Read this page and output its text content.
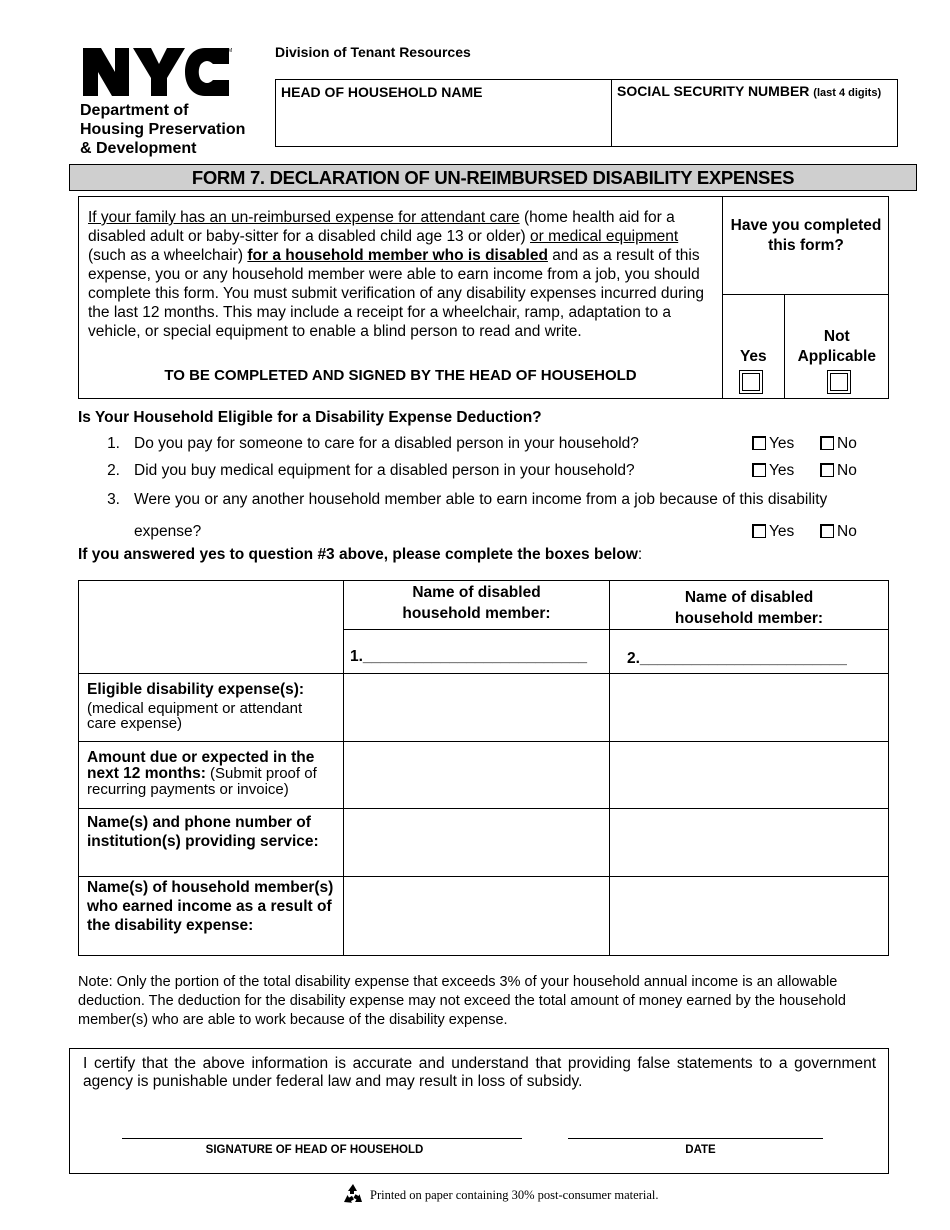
TM
Department of
Housing Preservation
& Development
Division of Tenant Resources
HEAD OF HOUSEHOLD NAME	SOCIAL SECURITY NUMBER (last 4 digits)
FORM 7. DECLARATION OF UN-REIMBURSED DISABILITY EXPENSES
If your family has an un-reimbursed expense for attendant care (home health aid for a disabled adult or baby-sitter for a disabled child age 13 or older) or medical equipment (such as a wheelchair) for a household member who is disabled and as a result of this expense, you or any household member were able to earn income from a job, you should complete this form. You must submit verification of any disability expenses incurred during the last 12 months. This may include a receipt for a wheelchair, ramp, adaptation to a vehicle, or special equipment to enable a blind person to read and write.
TO BE COMPLETED AND SIGNED BY THE HEAD OF HOUSEHOLD
Have you completed this form?
Yes
Not Applicable
Is Your Household Eligible for a Disability Expense Deduction?
1. Do you pay for someone to care for a disabled person in your household?	Yes	No
2. Did you buy medical equipment for a disabled person in your household?	Yes	No
3. Were you or any another household member able to earn income from a job because of this disability
expense?	Yes	No
If you answered yes to question #3 above, please complete the boxes below:

	Name of disabled household member:	Name of disabled household member:

	1.__________________________	2.________________________

Eligible disability expense(s):
(medical equipment or attendant care expense)		

Amount due or expected in the next 12 months: (Submit proof of recurring payments or invoice)		
Name(s) and phone number of institution(s) providing service:		
Name(s) of household member(s) who earned income as a result of the disability expense:		
Note: Only the portion of the total disability expense that exceeds 3% of your household annual income is an allowable deduction. The deduction for the disability expense may not exceed the total amount of money earned by the household member(s) who are able to work because of the disability expense.
I certify that the above information is accurate and understand that providing false statements to a government agency is punishable under federal law and may result in loss of subsidy.
SIGNATURE OF HEAD OF HOUSEHOLD	DATE
Printed on paper containing 30% post-consumer material.
